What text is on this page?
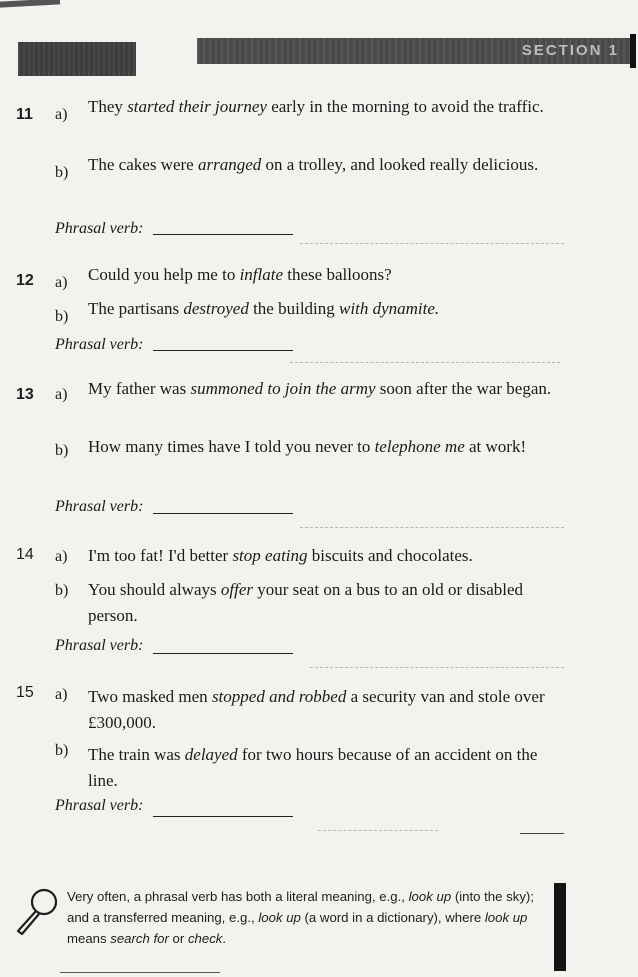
SECTION 1
11 a) They started their journey early in the morning to avoid the traffic.
b) The cakes were arranged on a trolley, and looked really delicious.
Phrasal verb:
12 a) Could you help me to inflate these balloons?
b) The partisans destroyed the building with dynamite.
Phrasal verb:
13 a) My father was summoned to join the army soon after the war began.
b) How many times have I told you never to telephone me at work!
Phrasal verb:
14 a) I'm too fat! I'd better stop eating biscuits and chocolates.
b) You should always offer your seat on a bus to an old or disabled person.
Phrasal verb:
15 a) Two masked men stopped and robbed a security van and stole over £300,000.
b) The train was delayed for two hours because of an accident on the line.
Phrasal verb:
Very often, a phrasal verb has both a literal meaning, e.g., look up (into the sky); and a transferred meaning, e.g., look up (a word in a dictionary), where look up means search for or check.
